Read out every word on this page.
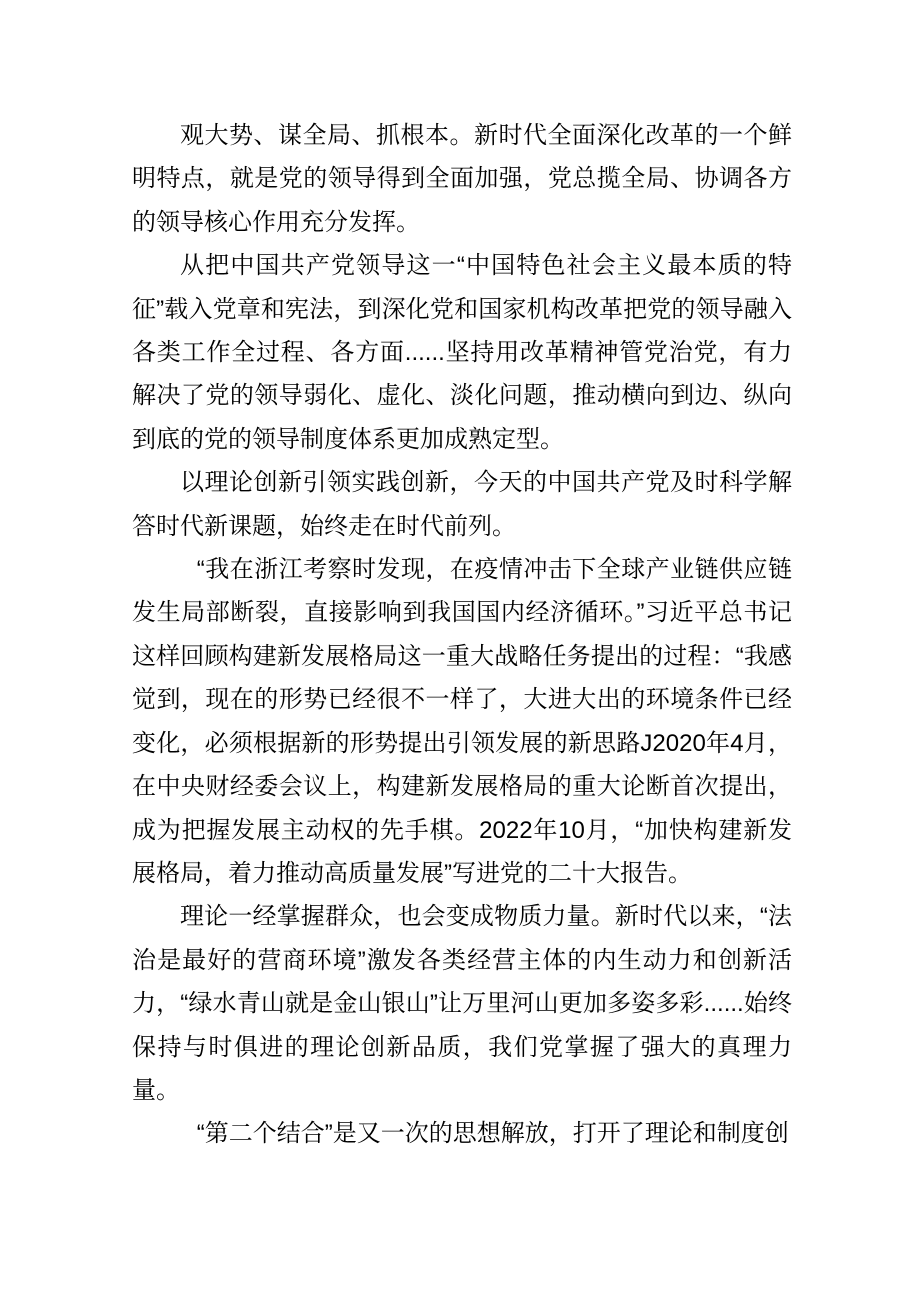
观大势、谋全局、抓根本。新时代全面深化改革的一个鲜明特点，就是党的领导得到全面加强，党总揽全局、协调各方的领导核心作用充分发挥。

从把中国共产党领导这一“中国特色社会主义最本质的特征”载入党章和宪法，到深化党和国家机构改革把党的领导融入各类工作全过程、各方面......坚持用改革精神管党治党，有力解决了党的领导弱化、虚化、淡化问题，推动横向到边、纵向到底的党的领导制度体系更加成熟定型。

以理论创新引领实践创新，今天的中国共产党及时科学解答时代新课题，始终走在时代前列。

“我在浙江考察时发现，在疫情冲击下全球产业链供应链发生局部断裂，直接影响到我国国内经济循环。”习近平总书记这样回顾构建新发展格局这一重大战略任务提出的过程：“我感觉到，现在的形势已经很不一样了，大进大出的环境条件已经变化，必须根据新的形势提出引领发展的新思路J2020年4月，在中央财经委会议上，构建新发展格局的重大论断首次提出，成为把握发展主动权的先手棋。2022年10月，“加快构建新发展格局，着力推动高质量发展”写进党的二十大报告。

理论一经掌握群众，也会变成物质力量。新时代以来，“法治是最好的营商环境”激发各类经营主体的内生动力和创新活力，“绿水青山就是金山银山”让万里河山更加多姿多彩......始终保持与时俱进的理论创新品质，我们党掌握了强大的真理力量。

“第二个结合”是又一次的思想解放，打开了理论和制度创
